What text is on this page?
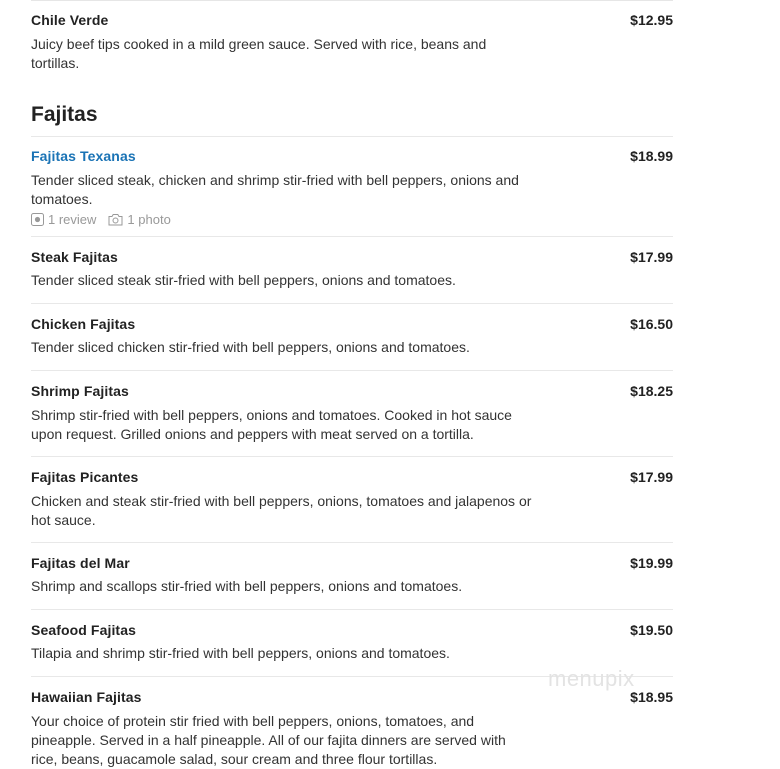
Chile Verde	$12.95
Juicy beef tips cooked in a mild green sauce. Served with rice, beans and tortillas.
Fajitas
Fajitas Texanas	$18.99
Tender sliced steak, chicken and shrimp stir-fried with bell peppers, onions and tomatoes.
1 review	1 photo
Steak Fajitas	$17.99
Tender sliced steak stir-fried with bell peppers, onions and tomatoes.
Chicken Fajitas	$16.50
Tender sliced chicken stir-fried with bell peppers, onions and tomatoes.
Shrimp Fajitas	$18.25
Shrimp stir-fried with bell peppers, onions and tomatoes. Cooked in hot sauce upon request. Grilled onions and peppers with meat served on a tortilla.
Fajitas Picantes	$17.99
Chicken and steak stir-fried with bell peppers, onions, tomatoes and jalapenos or hot sauce.
Fajitas del Mar	$19.99
Shrimp and scallops stir-fried with bell peppers, onions and tomatoes.
Seafood Fajitas	$19.50
Tilapia and shrimp stir-fried with bell peppers, onions and tomatoes.
Hawaiian Fajitas	$18.95
Your choice of protein stir fried with bell peppers, onions, tomatoes, and pineapple. Served in a half pineapple. All of our fajita dinners are served with rice, beans, guacamole salad, sour cream and three flour tortillas.
menupix
